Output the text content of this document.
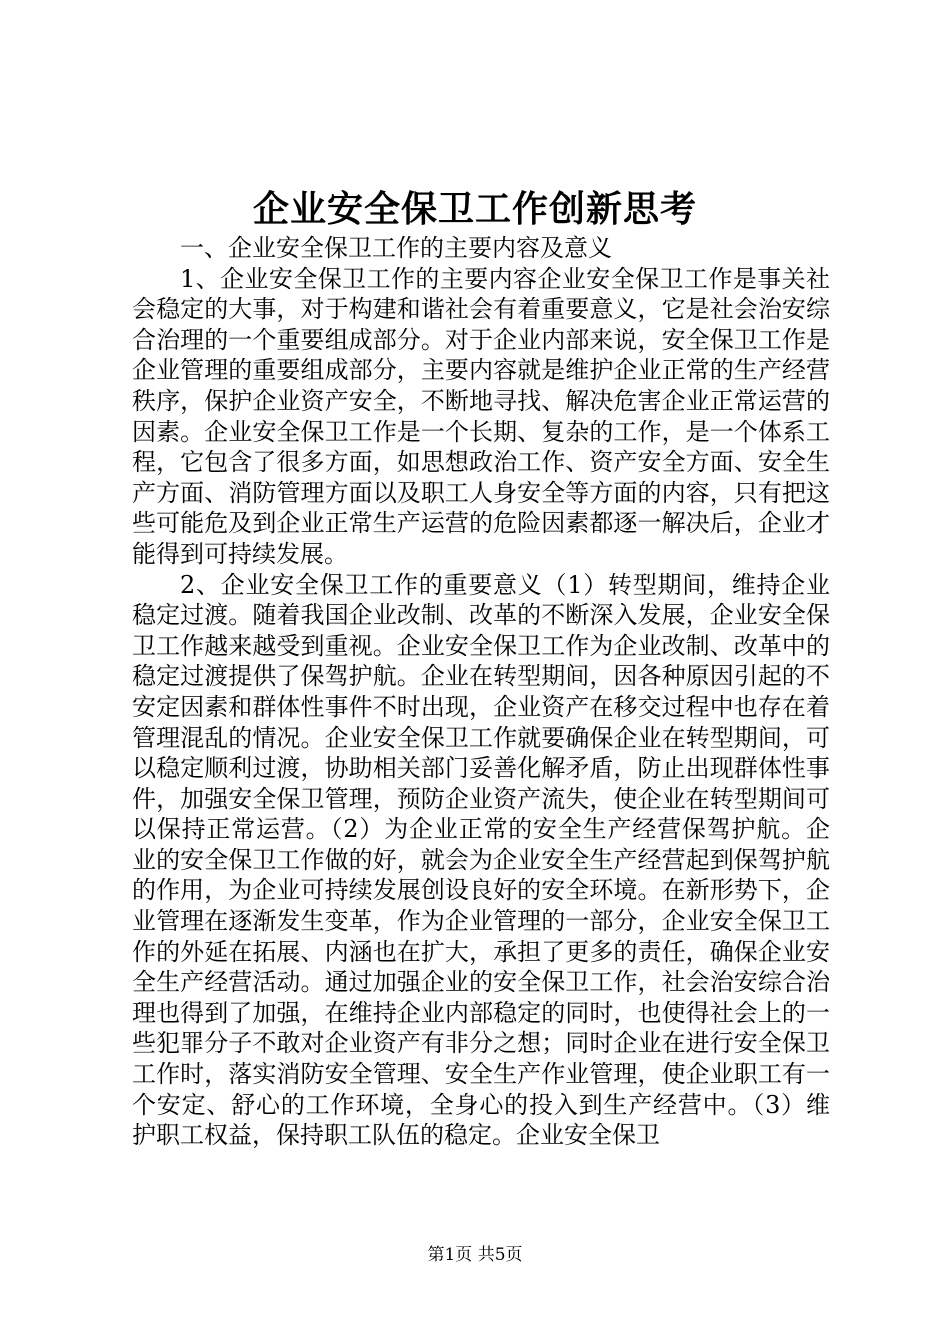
企业安全保卫工作创新思考

一、企业安全保卫工作的主要内容及意义

1、企业安全保卫工作的主要内容企业安全保卫工作是事关社会稳定的大事，对于构建和谐社会有着重要意义，它是社会治安综合治理的一个重要组成部分。对于企业内部来说，安全保卫工作是企业管理的重要组成部分，主要内容就是维护企业正常的生产经营秩序，保护企业资产安全，不断地寻找、解决危害企业正常运营的因素。企业安全保卫工作是一个长期、复杂的工作，是一个体系工程，它包含了很多方面，如思想政治工作、资产安全方面、安全生产方面、消防管理方面以及职工人身安全等方面的内容，只有把这些可能危及到企业正常生产运营的危险因素都逐一解决后，企业才能得到可持续发展。

2、企业安全保卫工作的重要意义（1）转型期间，维持企业稳定过渡。随着我国企业改制、改革的不断深入发展，企业安全保卫工作越来越受到重视。企业安全保卫工作为企业改制、改革中的稳定过渡提供了保驾护航。企业在转型期间，因各种原因引起的不安定因素和群体性事件不时出现，企业资产在移交过程中也存在着管理混乱的情况。企业安全保卫工作就要确保企业在转型期间，可以稳定顺利过渡，协助相关部门妥善化解矛盾，防止出现群体性事件，加强安全保卫管理，预防企业资产流失，使企业在转型期间可以保持正常运营。（2）为企业正常的安全生产经营保驾护航。企业的安全保卫工作做的好，就会为企业安全生产经营起到保驾护航的作用，为企业可持续发展创设良好的安全环境。在新形势下，企业管理在逐渐发生变革，作为企业管理的一部分，企业安全保卫工作的外延在拓展、内涵也在扩大，承担了更多的责任，确保企业安全生产经营活动。通过加强企业的安全保卫工作，社会治安综合治理也得到了加强，在维持企业内部稳定的同时，也使得社会上的一些犯罪分子不敢对企业资产有非分之想；同时企业在进行安全保卫工作时，落实消防安全管理、安全生产作业管理，使企业职工有一个安定、舒心的工作环境，全身心的投入到生产经营中。（3）维护职工权益，保持职工队伍的稳定。企业安全保卫

第1页 共5页
